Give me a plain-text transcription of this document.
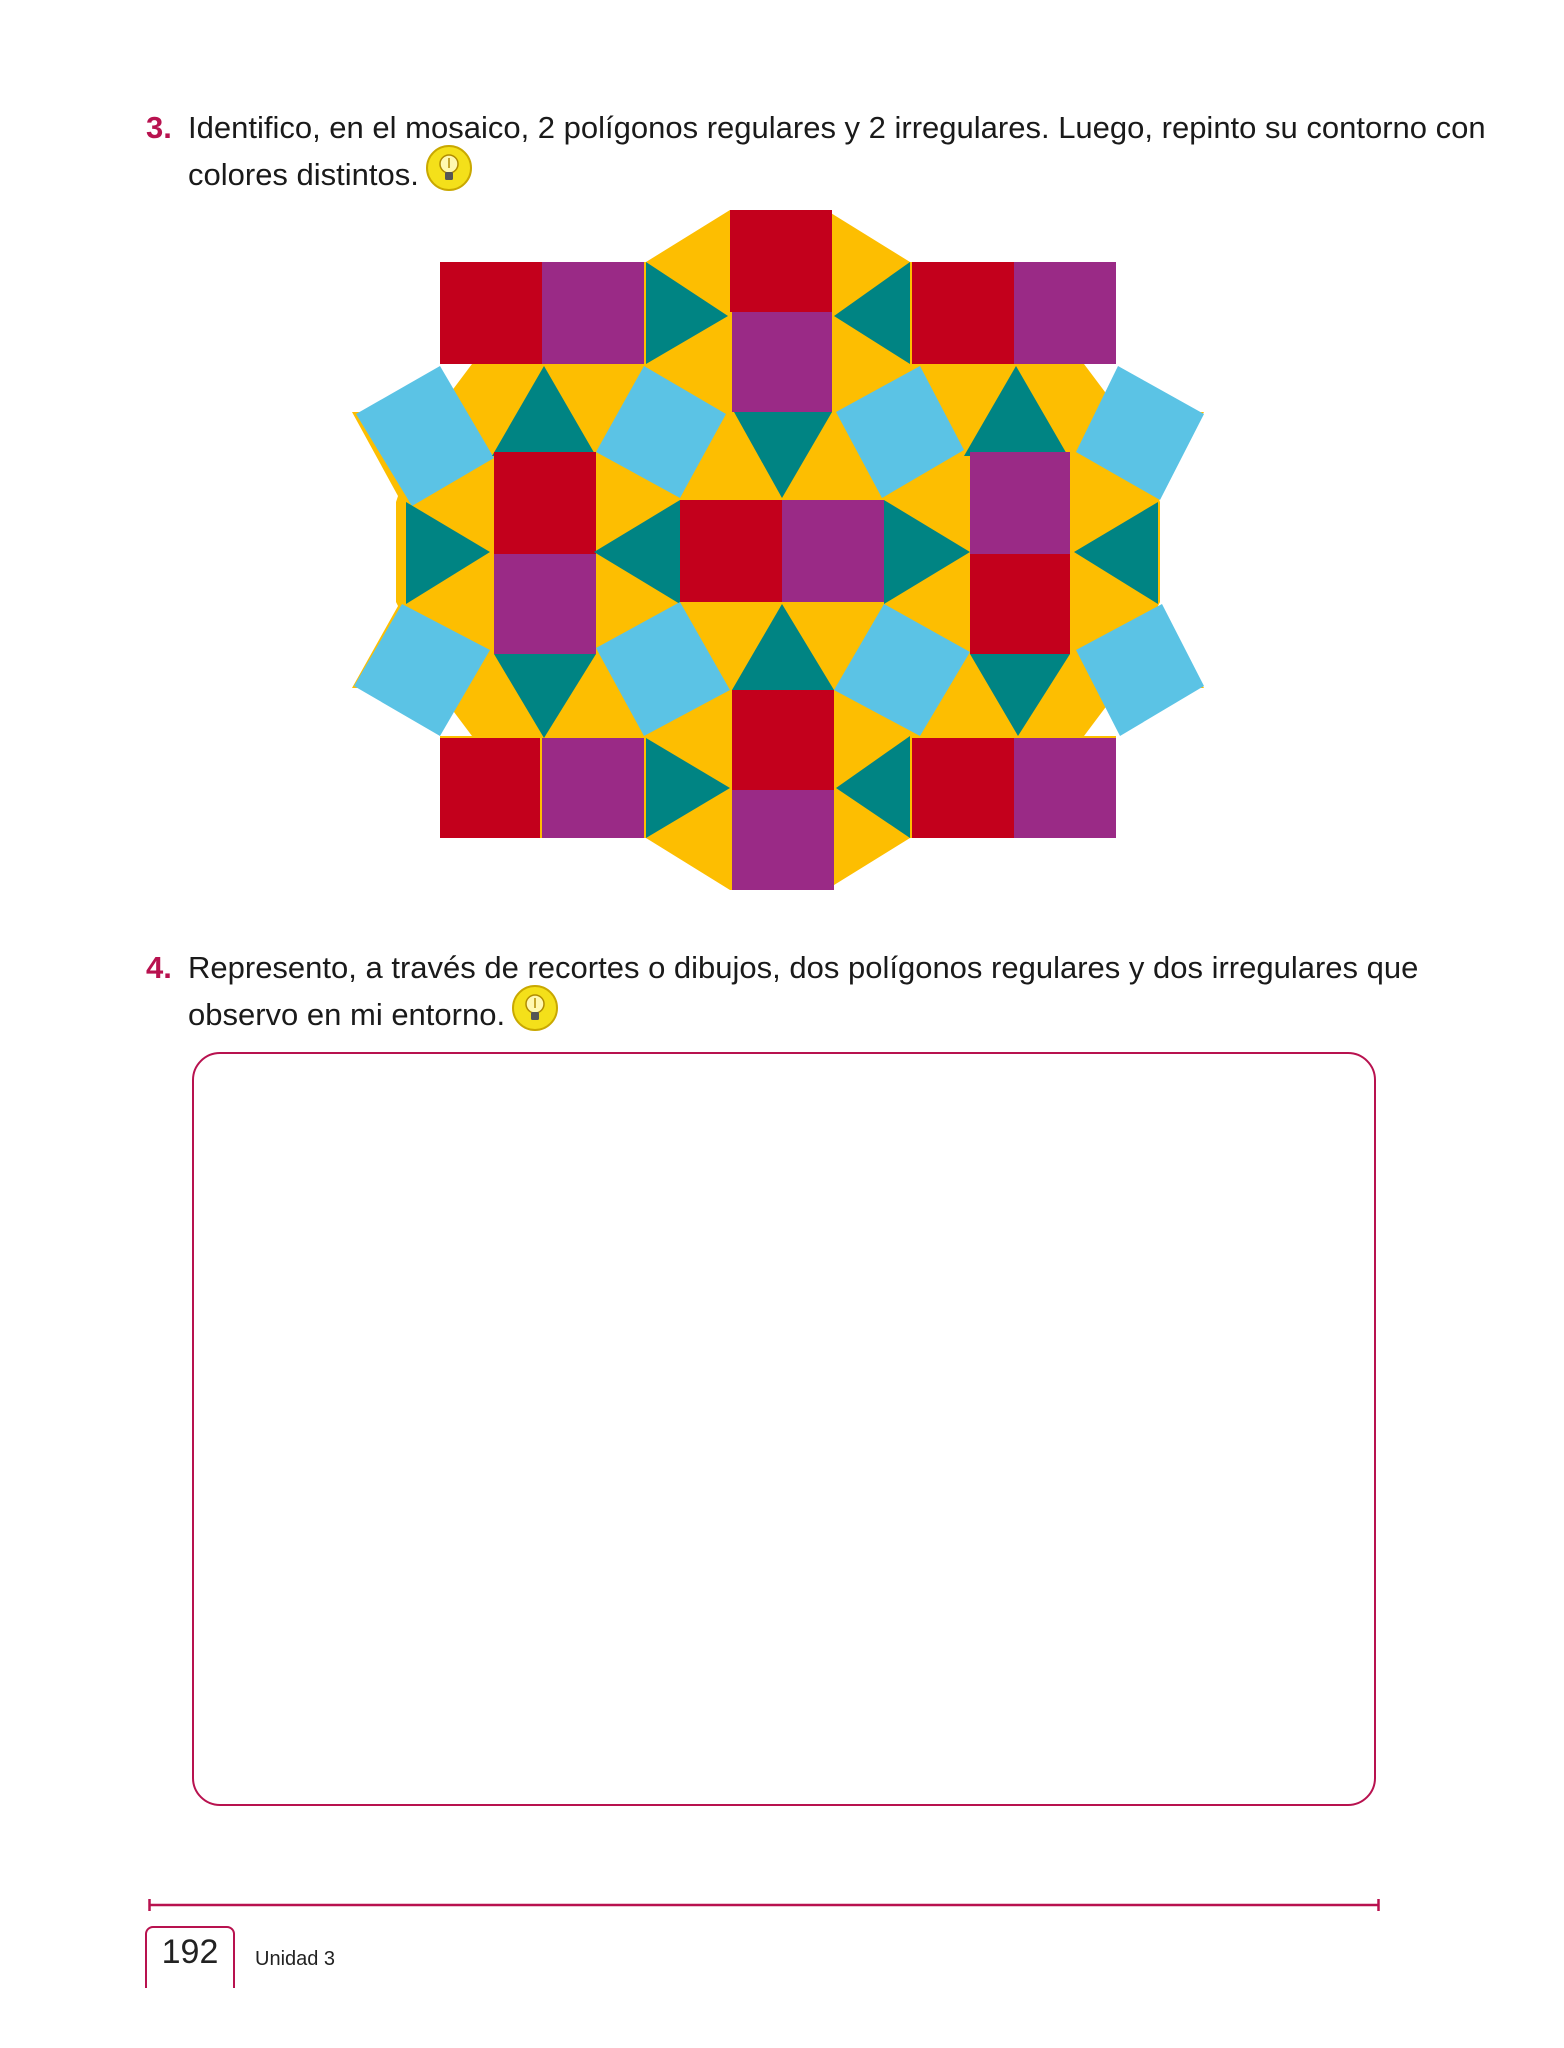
3. Identifico, en el mosaico, 2 polígonos regulares y 2 irregulares. Luego, repinto su contorno con
colores distintos.
4. Represento, a través de recortes o dibujos, dos polígonos regulares y dos irregulares que
observo en mi entorno.
192	Unidad 3
